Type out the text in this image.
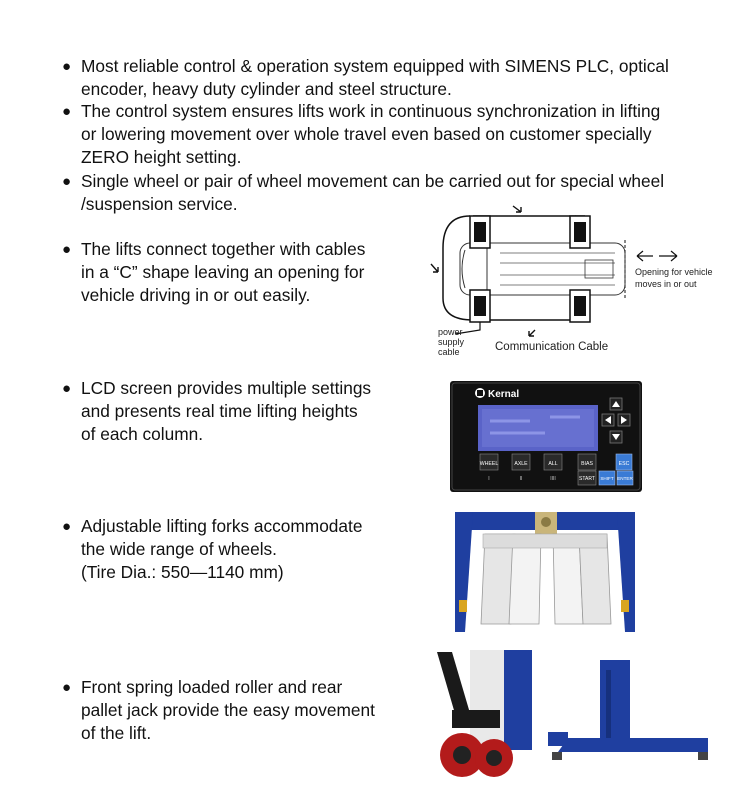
● Most reliable control & operation system equipped with SIMENS PLC, optical
encoder, heavy duty cylinder and steel structure.
● The control system ensures lifts work in continuous synchronization in lifting
or lowering movement over whole travel even based on customer specially
ZERO height setting.
● Single wheel or pair of wheel movement can be carried out for special wheel
/suspension service.
● The lifts connect together with cables
in a “C” shape leaving an opening for
vehicle driving in or out easily.
● LCD screen provides multiple settings
and presents real time lifting heights
of each column.
● Adjustable lifting forks accommodate
the wide range of wheels.
(Tire Dia.: 550—1140 mm)
● Front spring loaded roller and rear
pallet jack provide the easy movement
of the lift.
Opening for vehicle
moves in or out
power
supply
cable	Communication Cable
Kernal
WHEEL	AXLE	ALL	BIAS	ESC
I	II	IIII	START SHIFT ENTER
